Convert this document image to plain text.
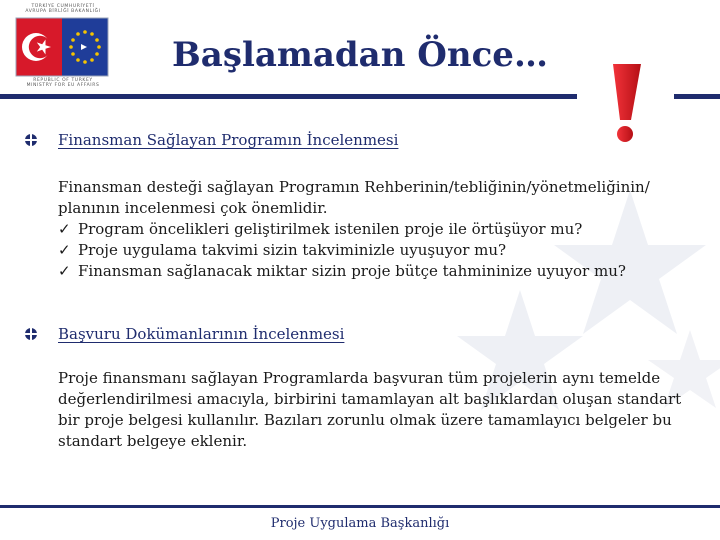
TÜRKİYE CUMHURİYETİ
AVRUPA BİRLİĞİ BAKANLIĞI
REPUBLIC OF TURKEY
MINISTRY FOR EU AFFAIRS
Başlamadan Önce…
Finansman Sağlayan Programın İncelenmesi
Finansman desteği sağlayan Programın Rehberinin/tebliğinin/yönetmeliğinin/
planının incelenmesi çok önemlidir.
✓ Program öncelikleri geliştirilmek istenilen proje ile örtüşüyor mu?
✓ Proje uygulama takvimi sizin takviminizle uyuşuyor mu?
✓ Finansman sağlanacak miktar sizin proje bütçe tahmininize uyuyor mu?
Başvuru Dokümanlarının İncelenmesi
Proje finansmanı sağlayan Programlarda başvuran tüm projelerin aynı temelde
değerlendirilmesi amacıyla, birbirini tamamlayan alt başlıklardan oluşan standart
bir proje belgesi kullanılır. Bazıları zorunlu olmak üzere tamamlayıcı belgeler bu
standart belgeye eklenir.
Proje Uygulama Başkanlığı
